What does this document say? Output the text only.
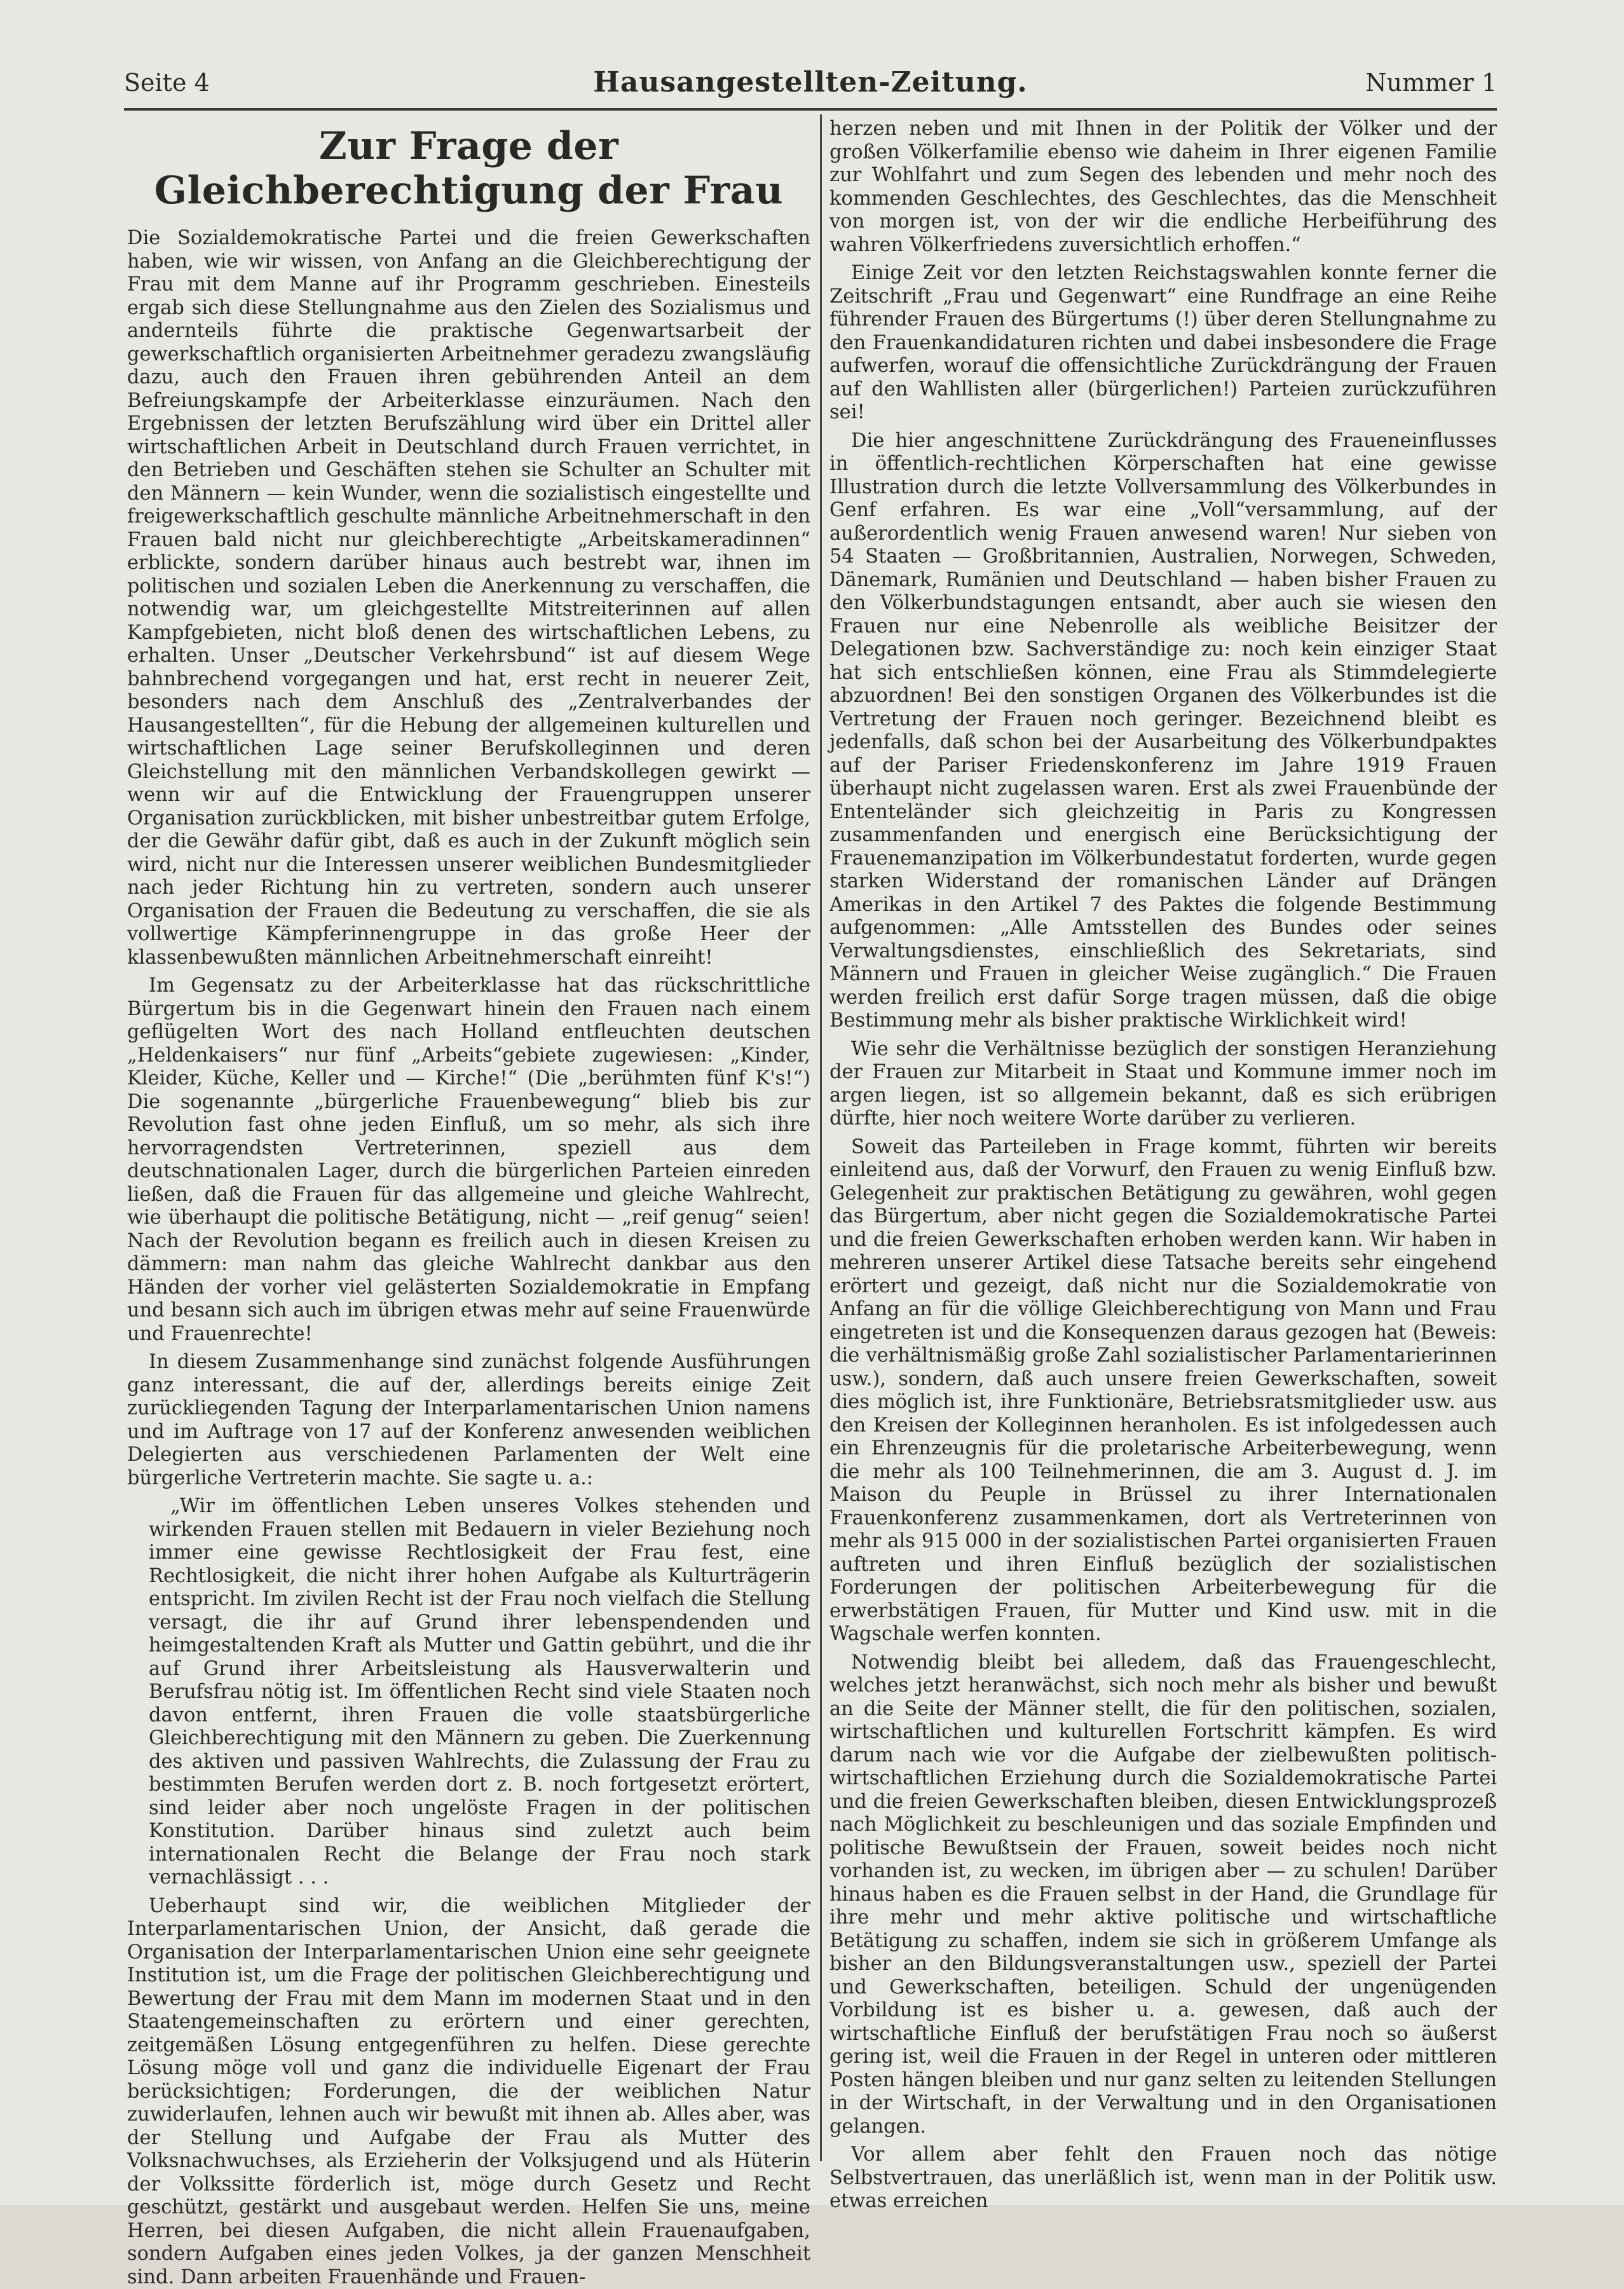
Seite 4	Hausangestellten-Zeitung.	Nummer 1
Zur Frage der Gleichberechtigung der Frau

Die Sozialdemokratische Partei und die freien Gewerkschaften haben, wie wir wissen, von Anfang an die Gleichberechtigung der Frau mit dem Manne auf ihr Programm geschrieben. Einesteils ergab sich diese Stellungnahme aus den Zielen des Sozialismus und andernteils führte die praktische Gegenwartsarbeit der gewerkschaftlich organisierten Arbeitnehmer geradezu zwangsläufig dazu, auch den Frauen ihren gebührenden Anteil an dem Befreiungskampfe der Arbeiterklasse einzuräumen. Nach den Ergebnissen der letzten Berufszählung wird über ein Drittel aller wirtschaftlichen Arbeit in Deutschland durch Frauen verrichtet, in den Betrieben und Geschäften stehen sie Schulter an Schulter mit den Männern — kein Wunder, wenn die sozialistisch eingestellte und freigewerkschaftlich geschulte männliche Arbeitnehmerschaft in den Frauen bald nicht nur gleichberechtigte „Arbeitskameradinnen“ erblickte, sondern darüber hinaus auch bestrebt war, ihnen im politischen und sozialen Leben die Anerkennung zu verschaffen, die notwendig war, um gleichgestellte Mitstreiterinnen auf allen Kampfgebieten, nicht bloß denen des wirtschaftlichen Lebens, zu erhalten. Unser „Deutscher Verkehrsbund“ ist auf diesem Wege bahnbrechend vorgegangen und hat, erst recht in neuerer Zeit, besonders nach dem Anschluß des „Zentralverbandes der Hausangestellten“, für die Hebung der allgemeinen kulturellen und wirtschaftlichen Lage seiner Berufskolleginnen und deren Gleichstellung mit den männlichen Verbandskollegen gewirkt — wenn wir auf die Entwicklung der Frauengruppen unserer Organisation zurückblicken, mit bisher unbestreitbar gutem Erfolge, der die Gewähr dafür gibt, daß es auch in der Zukunft möglich sein wird, nicht nur die Interessen unserer weiblichen Bundesmitglieder nach jeder Richtung hin zu vertreten, sondern auch unserer Organisation der Frauen die Bedeutung zu verschaffen, die sie als vollwertige Kämpferinnengruppe in das große Heer der klassenbewußten männlichen Arbeitnehmerschaft einreiht!

Im Gegensatz zu der Arbeiterklasse hat das rückschrittliche Bürgertum bis in die Gegenwart hinein den Frauen nach einem geflügelten Wort des nach Holland entfleuchten deutschen „Heldenkaisers“ nur fünf „Arbeits“gebiete zugewiesen: „Kinder, Kleider, Küche, Keller und — Kirche!“ (Die „berühmten fünf K's!“) Die sogenannte „bürgerliche Frauenbewegung“ blieb bis zur Revolution fast ohne jeden Einfluß, um so mehr, als sich ihre hervorragendsten Vertreterinnen, speziell aus dem deutschnationalen Lager, durch die bürgerlichen Parteien einreden ließen, daß die Frauen für das allgemeine und gleiche Wahlrecht, wie überhaupt die politische Betätigung, nicht — „reif genug“ seien! Nach der Revolution begann es freilich auch in diesen Kreisen zu dämmern: man nahm das gleiche Wahlrecht dankbar aus den Händen der vorher viel gelästerten Sozialdemokratie in Empfang und besann sich auch im übrigen etwas mehr auf seine Frauenwürde und Frauenrechte!

In diesem Zusammenhange sind zunächst folgende Ausführungen ganz interessant, die auf der, allerdings bereits einige Zeit zurückliegenden Tagung der Interparlamentarischen Union namens und im Auftrage von 17 auf der Konferenz anwesenden weiblichen Delegierten aus verschiedenen Parlamenten der Welt eine bürgerliche Vertreterin machte. Sie sagte u. a.:

„Wir im öffentlichen Leben unseres Volkes stehenden und wirkenden Frauen stellen mit Bedauern in vieler Beziehung noch immer eine gewisse Rechtlosigkeit der Frau fest, eine Rechtlosigkeit, die nicht ihrer hohen Aufgabe als Kulturträgerin entspricht. Im zivilen Recht ist der Frau noch vielfach die Stellung versagt, die ihr auf Grund ihrer lebenspendenden und heimgestaltenden Kraft als Mutter und Gattin gebührt, und die ihr auf Grund ihrer Arbeitsleistung als Hausverwalterin und Berufsfrau nötig ist. Im öffentlichen Recht sind viele Staaten noch davon entfernt, ihren Frauen die volle staatsbürgerliche Gleichberechtigung mit den Männern zu geben. Die Zuerkennung des aktiven und passiven Wahlrechts, die Zulassung der Frau zu bestimmten Berufen werden dort z. B. noch fortgesetzt erörtert, sind leider aber noch ungelöste Fragen in der politischen Konstitution. Darüber hinaus sind zuletzt auch beim internationalen Recht die Belange der Frau noch stark vernachlässigt . . .

Ueberhaupt sind wir, die weiblichen Mitglieder der Interparlamentarischen Union, der Ansicht, daß gerade die Organisation der Interparlamentarischen Union eine sehr geeignete Institution ist, um die Frage der politischen Gleichberechtigung und Bewertung der Frau mit dem Mann im modernen Staat und in den Staatengemeinschaften zu erörtern und einer gerechten, zeitgemäßen Lösung entgegenführen zu helfen. Diese gerechte Lösung möge voll und ganz die individuelle Eigenart der Frau berücksichtigen; Forderungen, die der weiblichen Natur zuwiderlaufen, lehnen auch wir bewußt mit ihnen ab. Alles aber, was der Stellung und Aufgabe der Frau als Mutter des Volksnachwuchses, als Erzieherin der Volksjugend und als Hüterin der Volkssitte förderlich ist, möge durch Gesetz und Recht geschützt, gestärkt und ausgebaut werden. Helfen Sie uns, meine Herren, bei diesen Aufgaben, die nicht allein Frauenaufgaben, sondern Aufgaben eines jeden Volkes, ja der ganzen Menschheit sind. Dann arbeiten Frauenhände und Frauen-

herzen neben und mit Ihnen in der Politik der Völker und der großen Völkerfamilie ebenso wie daheim in Ihrer eigenen Familie zur Wohlfahrt und zum Segen des lebenden und mehr noch des kommenden Geschlechtes, des Geschlechtes, das die Menschheit von morgen ist, von der wir die endliche Herbeiführung des wahren Völkerfriedens zuversichtlich erhoffen.“

Einige Zeit vor den letzten Reichstagswahlen konnte ferner die Zeitschrift „Frau und Gegenwart“ eine Rundfrage an eine Reihe führender Frauen des Bürgertums (!) über deren Stellungnahme zu den Frauenkandidaturen richten und dabei insbesondere die Frage aufwerfen, worauf die offensichtliche Zurückdrängung der Frauen auf den Wahllisten aller (bürgerlichen!) Parteien zurückzuführen sei!

Die hier angeschnittene Zurückdrängung des Fraueneinflusses in öffentlich-rechtlichen Körperschaften hat eine gewisse Illustration durch die letzte Vollversammlung des Völkerbundes in Genf erfahren. Es war eine „Voll“versammlung, auf der außerordentlich wenig Frauen anwesend waren! Nur sieben von 54 Staaten — Großbritannien, Australien, Norwegen, Schweden, Dänemark, Rumänien und Deutschland — haben bisher Frauen zu den Völkerbundstagungen entsandt, aber auch sie wiesen den Frauen nur eine Nebenrolle als weibliche Beisitzer der Delegationen bzw. Sachverständige zu: noch kein einziger Staat hat sich entschließen können, eine Frau als Stimmdelegierte abzuordnen! Bei den sonstigen Organen des Völkerbundes ist die Vertretung der Frauen noch geringer. Bezeichnend bleibt es jedenfalls, daß schon bei der Ausarbeitung des Völkerbundpaktes auf der Pariser Friedenskonferenz im Jahre 1919 Frauen überhaupt nicht zugelassen waren. Erst als zwei Frauenbünde der Ententeländer sich gleichzeitig in Paris zu Kongressen zusammenfanden und energisch eine Berücksichtigung der Frauenemanzipation im Völkerbundestatut forderten, wurde gegen starken Widerstand der romanischen Länder auf Drängen Amerikas in den Artikel 7 des Paktes die folgende Bestimmung aufgenommen: „Alle Amtsstellen des Bundes oder seines Verwaltungsdienstes, einschließlich des Sekretariats, sind Männern und Frauen in gleicher Weise zugänglich.“ Die Frauen werden freilich erst dafür Sorge tragen müssen, daß die obige Bestimmung mehr als bisher praktische Wirklichkeit wird!

Wie sehr die Verhältnisse bezüglich der sonstigen Heranziehung der Frauen zur Mitarbeit in Staat und Kommune immer noch im argen liegen, ist so allgemein bekannt, daß es sich erübrigen dürfte, hier noch weitere Worte darüber zu verlieren.

Soweit das Parteileben in Frage kommt, führten wir bereits einleitend aus, daß der Vorwurf, den Frauen zu wenig Einfluß bzw. Gelegenheit zur praktischen Betätigung zu gewähren, wohl gegen das Bürgertum, aber nicht gegen die Sozialdemokratische Partei und die freien Gewerkschaften erhoben werden kann. Wir haben in mehreren unserer Artikel diese Tatsache bereits sehr eingehend erörtert und gezeigt, daß nicht nur die Sozialdemokratie von Anfang an für die völlige Gleichberechtigung von Mann und Frau eingetreten ist und die Konsequenzen daraus gezogen hat (Beweis: die verhältnismäßig große Zahl sozialistischer Parlamentarierinnen usw.), sondern, daß auch unsere freien Gewerkschaften, soweit dies möglich ist, ihre Funktionäre, Betriebsratsmitglieder usw. aus den Kreisen der Kolleginnen heranholen. Es ist infolgedessen auch ein Ehrenzeugnis für die proletarische Arbeiterbewegung, wenn die mehr als 100 Teilnehmerinnen, die am 3. August d. J. im Maison du Peuple in Brüssel zu ihrer Internationalen Frauenkonferenz zusammenkamen, dort als Vertreterinnen von mehr als 915 000 in der sozialistischen Partei organisierten Frauen auftreten und ihren Einfluß bezüglich der sozialistischen Forderungen der politischen Arbeiterbewegung für die erwerbstätigen Frauen, für Mutter und Kind usw. mit in die Wagschale werfen konnten.

Notwendig bleibt bei alledem, daß das Frauengeschlecht, welches jetzt heranwächst, sich noch mehr als bisher und bewußt an die Seite der Männer stellt, die für den politischen, sozialen, wirtschaftlichen und kulturellen Fortschritt kämpfen. Es wird darum nach wie vor die Aufgabe der zielbewußten politisch-wirtschaftlichen Erziehung durch die Sozialdemokratische Partei und die freien Gewerkschaften bleiben, diesen Entwicklungsprozeß nach Möglichkeit zu beschleunigen und das soziale Empfinden und politische Bewußtsein der Frauen, soweit beides noch nicht vorhanden ist, zu wecken, im übrigen aber — zu schulen! Darüber hinaus haben es die Frauen selbst in der Hand, die Grundlage für ihre mehr und mehr aktive politische und wirtschaftliche Betätigung zu schaffen, indem sie sich in größerem Umfange als bisher an den Bildungsveranstaltungen usw., speziell der Partei und Gewerkschaften, beteiligen. Schuld der ungenügenden Vorbildung ist es bisher u. a. gewesen, daß auch der wirtschaftliche Einfluß der berufstätigen Frau noch so äußerst gering ist, weil die Frauen in der Regel in unteren oder mittleren Posten hängen bleiben und nur ganz selten zu leitenden Stellungen in der Wirtschaft, in der Verwaltung und in den Organisationen gelangen.

Vor allem aber fehlt den Frauen noch das nötige Selbstvertrauen, das unerläßlich ist, wenn man in der Politik usw. etwas erreichen
